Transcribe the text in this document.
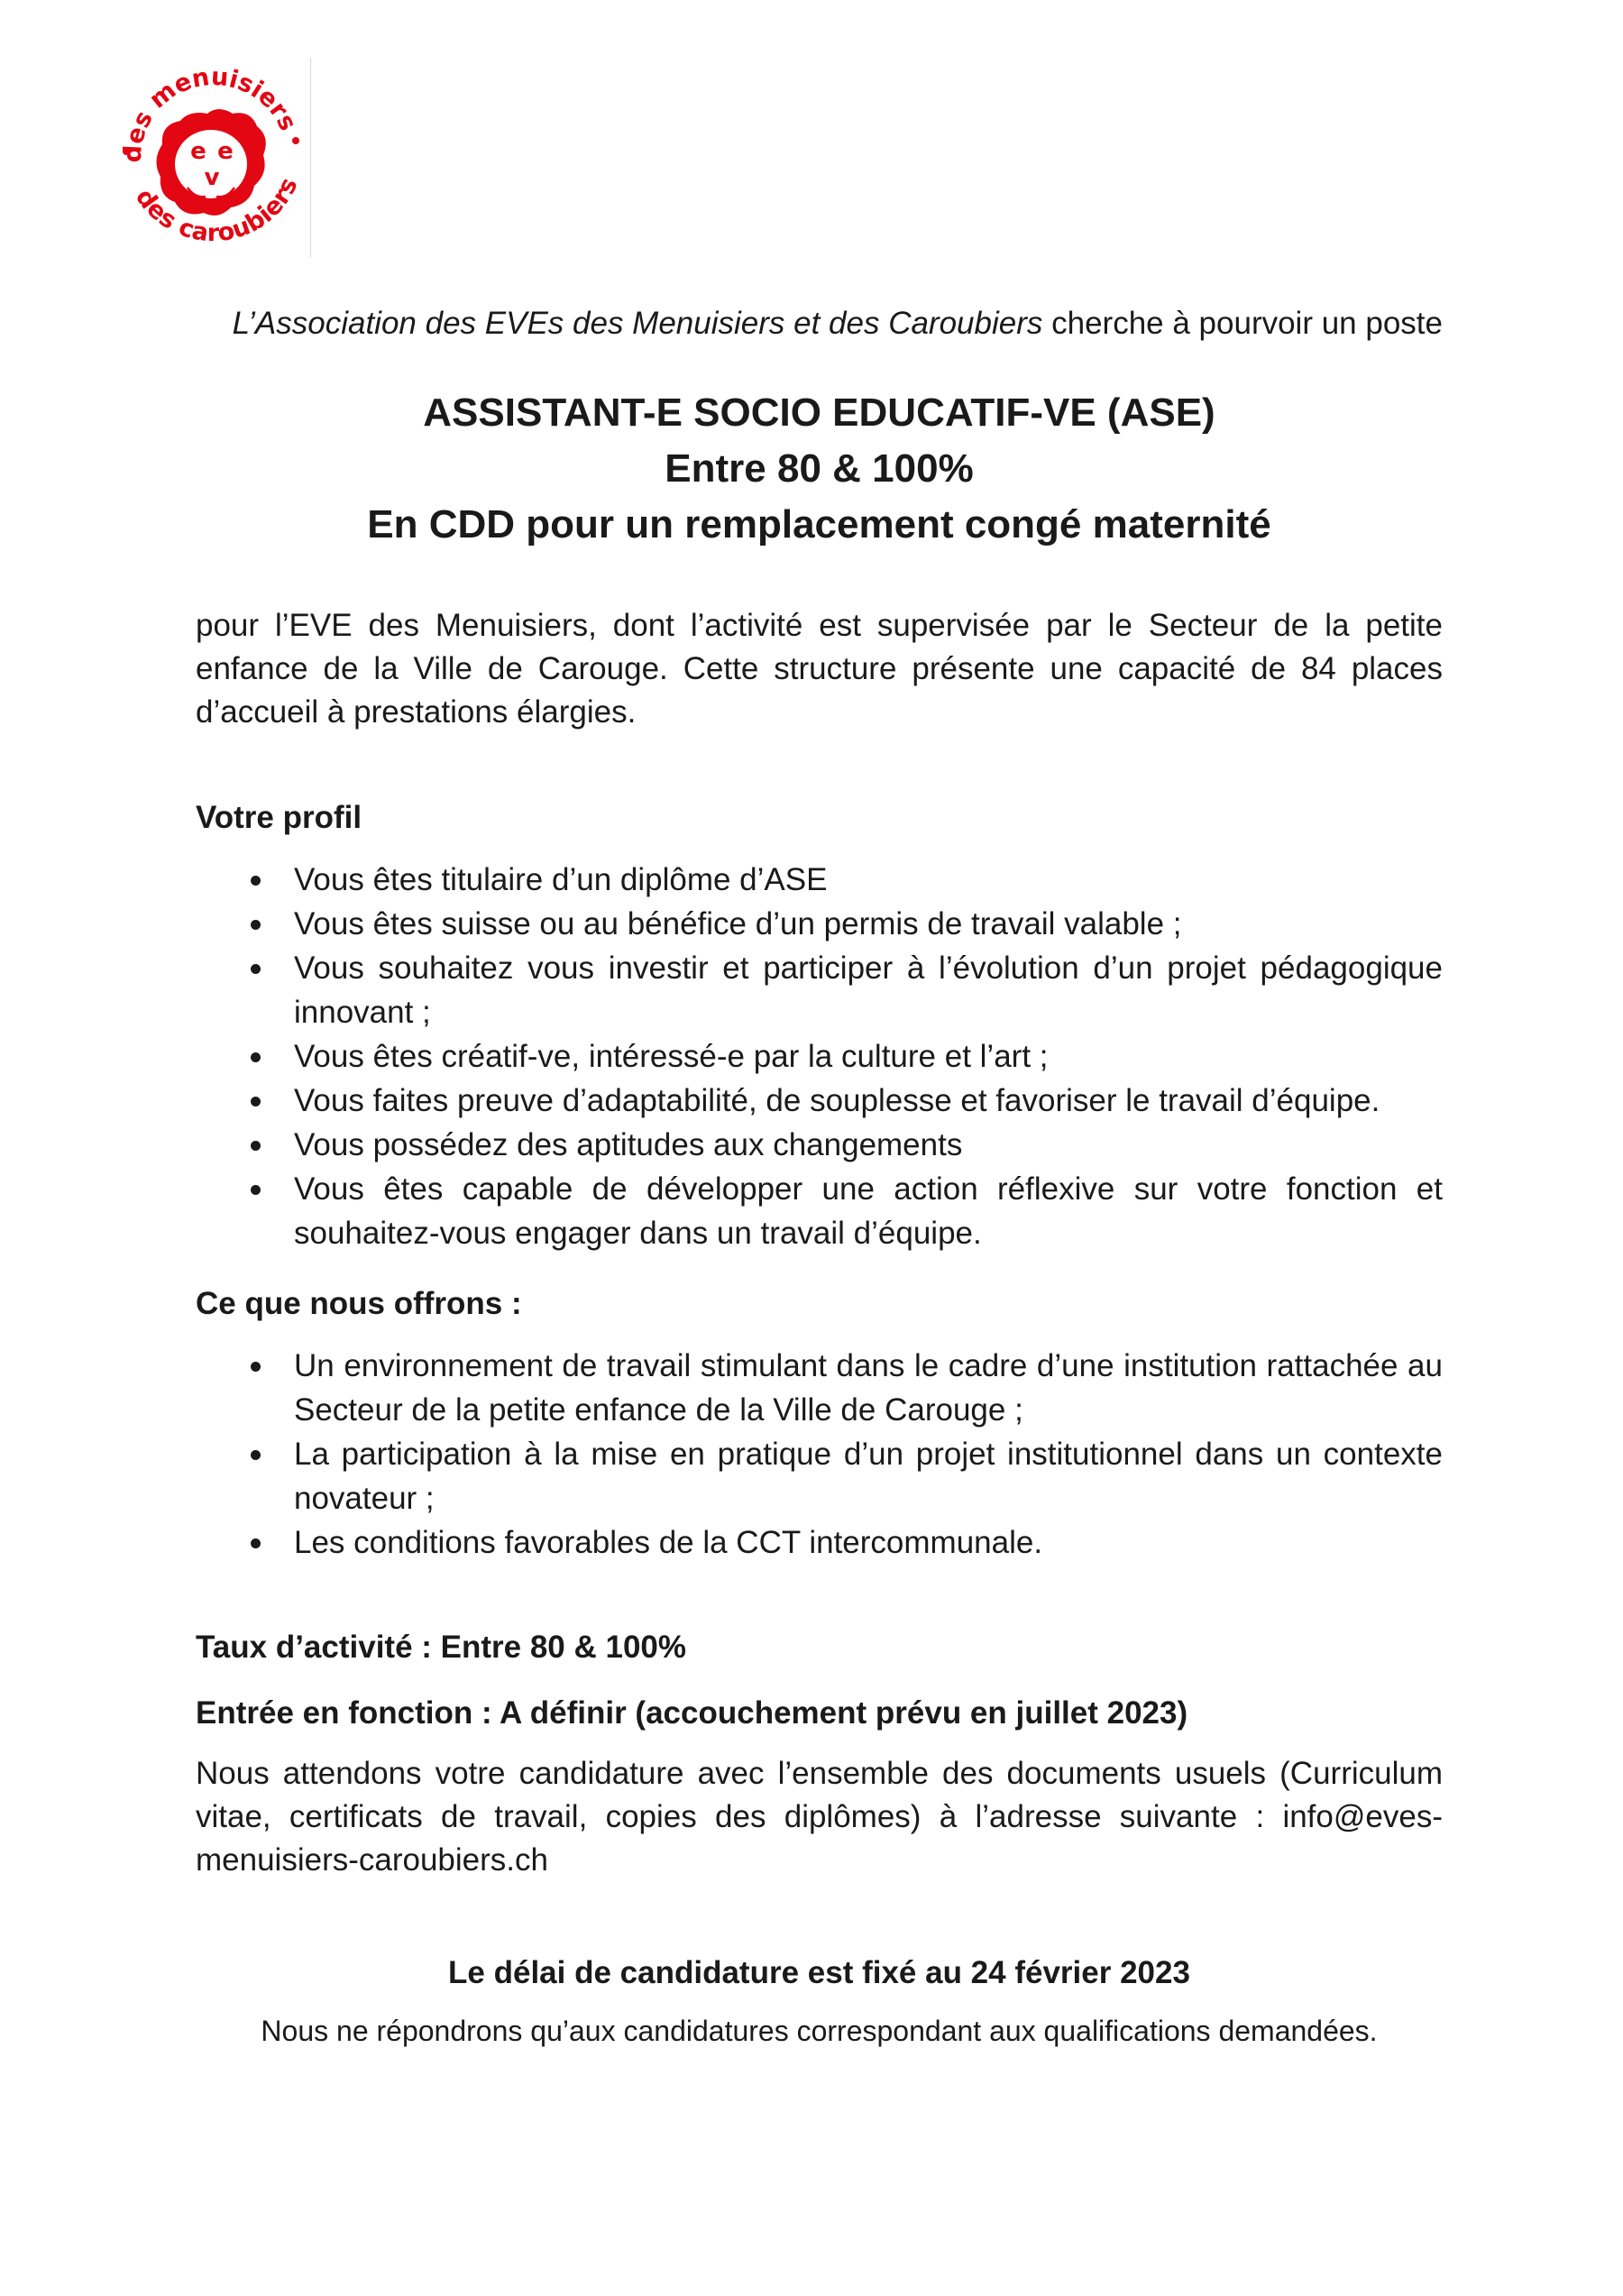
des menuisiers
des caroubiers
e e
v
L’Association des EVEs des Menuisiers et des Caroubiers cherche à pourvoir un poste
ASSISTANT-E SOCIO EDUCATIF-VE (ASE)
Entre 80 & 100%
En CDD pour un remplacement congé maternité
pour l’EVE des Menuisiers, dont l’activité est supervisée par le Secteur de la petite enfance de la Ville de Carouge. Cette structure présente une capacité de 84 places d’accueil à prestations élargies.
Votre profil
Vous êtes titulaire d’un diplôme d’ASE
Vous êtes suisse ou au bénéfice d’un permis de travail valable ;
Vous souhaitez vous investir et participer à l’évolution d’un projet pédagogique innovant ;
Vous êtes créatif-ve, intéressé-e par la culture et l’art ;
Vous faites preuve d’adaptabilité, de souplesse et favoriser le travail d’équipe.
Vous possédez des aptitudes aux changements
Vous êtes capable de développer une action réflexive sur votre fonction et souhaitez-vous engager dans un travail d’équipe.
Ce que nous offrons :
Un environnement de travail stimulant dans le cadre d’une institution rattachée au Secteur de la petite enfance de la Ville de Carouge ;
La participation à la mise en pratique d’un projet institutionnel dans un contexte novateur ;
Les conditions favorables de la CCT intercommunale.
Taux d’activité : Entre 80 & 100%
Entrée en fonction : A définir (accouchement prévu en juillet 2023)
Nous attendons votre candidature avec l’ensemble des documents usuels (Curriculum vitae, certificats de travail, copies des diplômes) à l’adresse suivante : info@eves-menuisiers-caroubiers.ch
Le délai de candidature est fixé au 24 février 2023
Nous ne répondrons qu’aux candidatures correspondant aux qualifications demandées.
